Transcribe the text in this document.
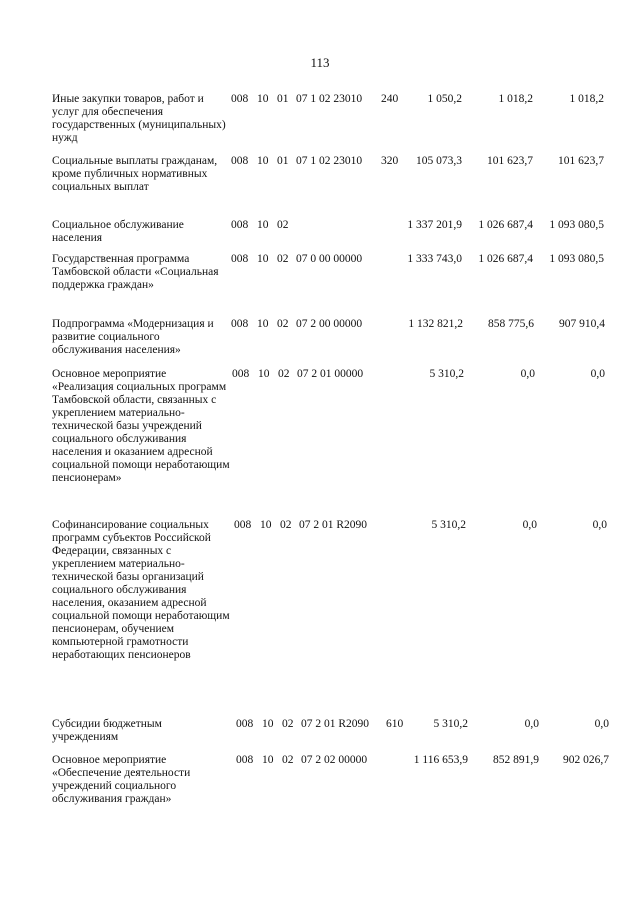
113
Иные закупки товаров, работ и услуг для обеспечения государственных (муниципальных) нужд
008 10 01 07 1 02 23010 240	1 050,2	1 018,2	1 018,2
Социальные выплаты гражданам, кроме публичных нормативных социальных выплат
008 10 01 07 1 02 23010 320	105 073,3	101 623,7	101 623,7
Социальное обслуживание населения
008 10 02	1 337 201,9	1 026 687,4	1 093 080,5
Государственная программа Тамбовской области «Социальная поддержка граждан»
008 10 02 07 0 00 00000	1 333 743,0	1 026 687,4	1 093 080,5
Подпрограмма «Модернизация и развитие социального обслуживания населения»
008 10 02 07 2 00 00000	1 132 821,2	858 775,6	907 910,4
Основное мероприятие «Реализация социальных программ Тамбовской области, связанных с укреплением материально-технической базы учреждений социального обслуживания населения и оказанием адресной социальной помощи неработающим пенсионерам»
008 10 02 07 2 01 00000	5 310,2	0,0	0,0
Софинансирование социальных программ субъектов Российской Федерации, связанных с укреплением материально-технической базы организаций социального обслуживания населения, оказанием адресной социальной помощи неработающим пенсионерам, обучением компьютерной грамотности неработающих пенсионеров
008 10 02 07 2 01 R2090	5 310,2	0,0	0,0
Субсидии бюджетным учреждениям
008 10 02 07 2 01 R2090 610	5 310,2	0,0	0,0
Основное мероприятие «Обеспечение деятельности учреждений социального обслуживания граждан»
008 10 02 07 2 02 00000	1 116 653,9	852 891,9	902 026,7
